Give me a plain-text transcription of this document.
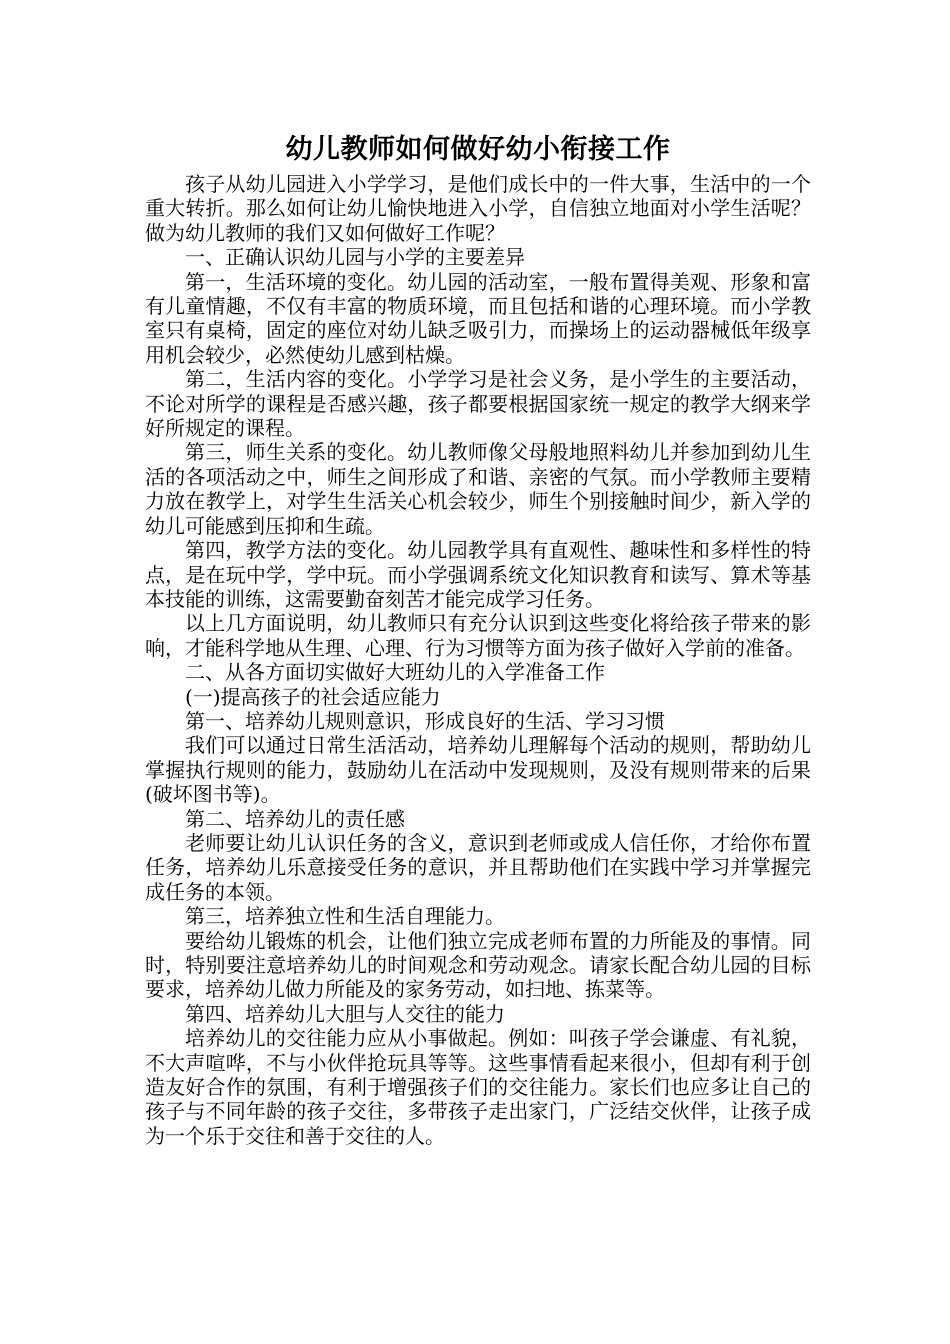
幼儿教师如何做好幼小衔接工作

孩子从幼儿园进入小学学习，是他们成长中的一件大事，生活中的一个重大转折。那么如何让幼儿愉快地进入小学，自信独立地面对小学生活呢？做为幼儿教师的我们又如何做好工作呢？

一、正确认识幼儿园与小学的主要差异

第一，生活环境的变化。幼儿园的活动室，一般布置得美观、形象和富有儿童情趣，不仅有丰富的物质环境，而且包括和谐的心理环境。而小学教室只有桌椅，固定的座位对幼儿缺乏吸引力，而操场上的运动器械低年级享用机会较少，必然使幼儿感到枯燥。

第二，生活内容的变化。小学学习是社会义务，是小学生的主要活动，不论对所学的课程是否感兴趣，孩子都要根据国家统一规定的教学大纲来学好所规定的课程。

第三，师生关系的变化。幼儿教师像父母般地照料幼儿并参加到幼儿生活的各项活动之中，师生之间形成了和谐、亲密的气氛。而小学教师主要精力放在教学上，对学生生活关心机会较少，师生个别接触时间少，新入学的幼儿可能感到压抑和生疏。

第四，教学方法的变化。幼儿园教学具有直观性、趣味性和多样性的特点，是在玩中学，学中玩。而小学强调系统文化知识教育和读写、算术等基本技能的训练，这需要勤奋刻苦才能完成学习任务。

以上几方面说明，幼儿教师只有充分认识到这些变化将给孩子带来的影响，才能科学地从生理、心理、行为习惯等方面为孩子做好入学前的准备。

二、从各方面切实做好大班幼儿的入学准备工作

(一)提高孩子的社会适应能力

第一、培养幼儿规则意识，形成良好的生活、学习习惯

我们可以通过日常生活活动，培养幼儿理解每个活动的规则，帮助幼儿掌握执行规则的能力，鼓励幼儿在活动中发现规则，及没有规则带来的后果(破坏图书等)。

第二、培养幼儿的责任感

老师要让幼儿认识任务的含义，意识到老师或成人信任你，才给你布置任务，培养幼儿乐意接受任务的意识，并且帮助他们在实践中学习并掌握完成任务的本领。

第三，培养独立性和生活自理能力。

要给幼儿锻炼的机会，让他们独立完成老师布置的力所能及的事情。同时，特别要注意培养幼儿的时间观念和劳动观念。请家长配合幼儿园的目标要求，培养幼儿做力所能及的家务劳动，如扫地、拣菜等。

第四、培养幼儿大胆与人交往的能力

培养幼儿的交往能力应从小事做起。例如：叫孩子学会谦虚、有礼貌，不大声喧哗，不与小伙伴抢玩具等等。这些事情看起来很小，但却有利于创造友好合作的氛围，有利于增强孩子们的交往能力。家长们也应多让自己的孩子与不同年龄的孩子交往，多带孩子走出家门，广泛结交伙伴，让孩子成为一个乐于交往和善于交往的人。
